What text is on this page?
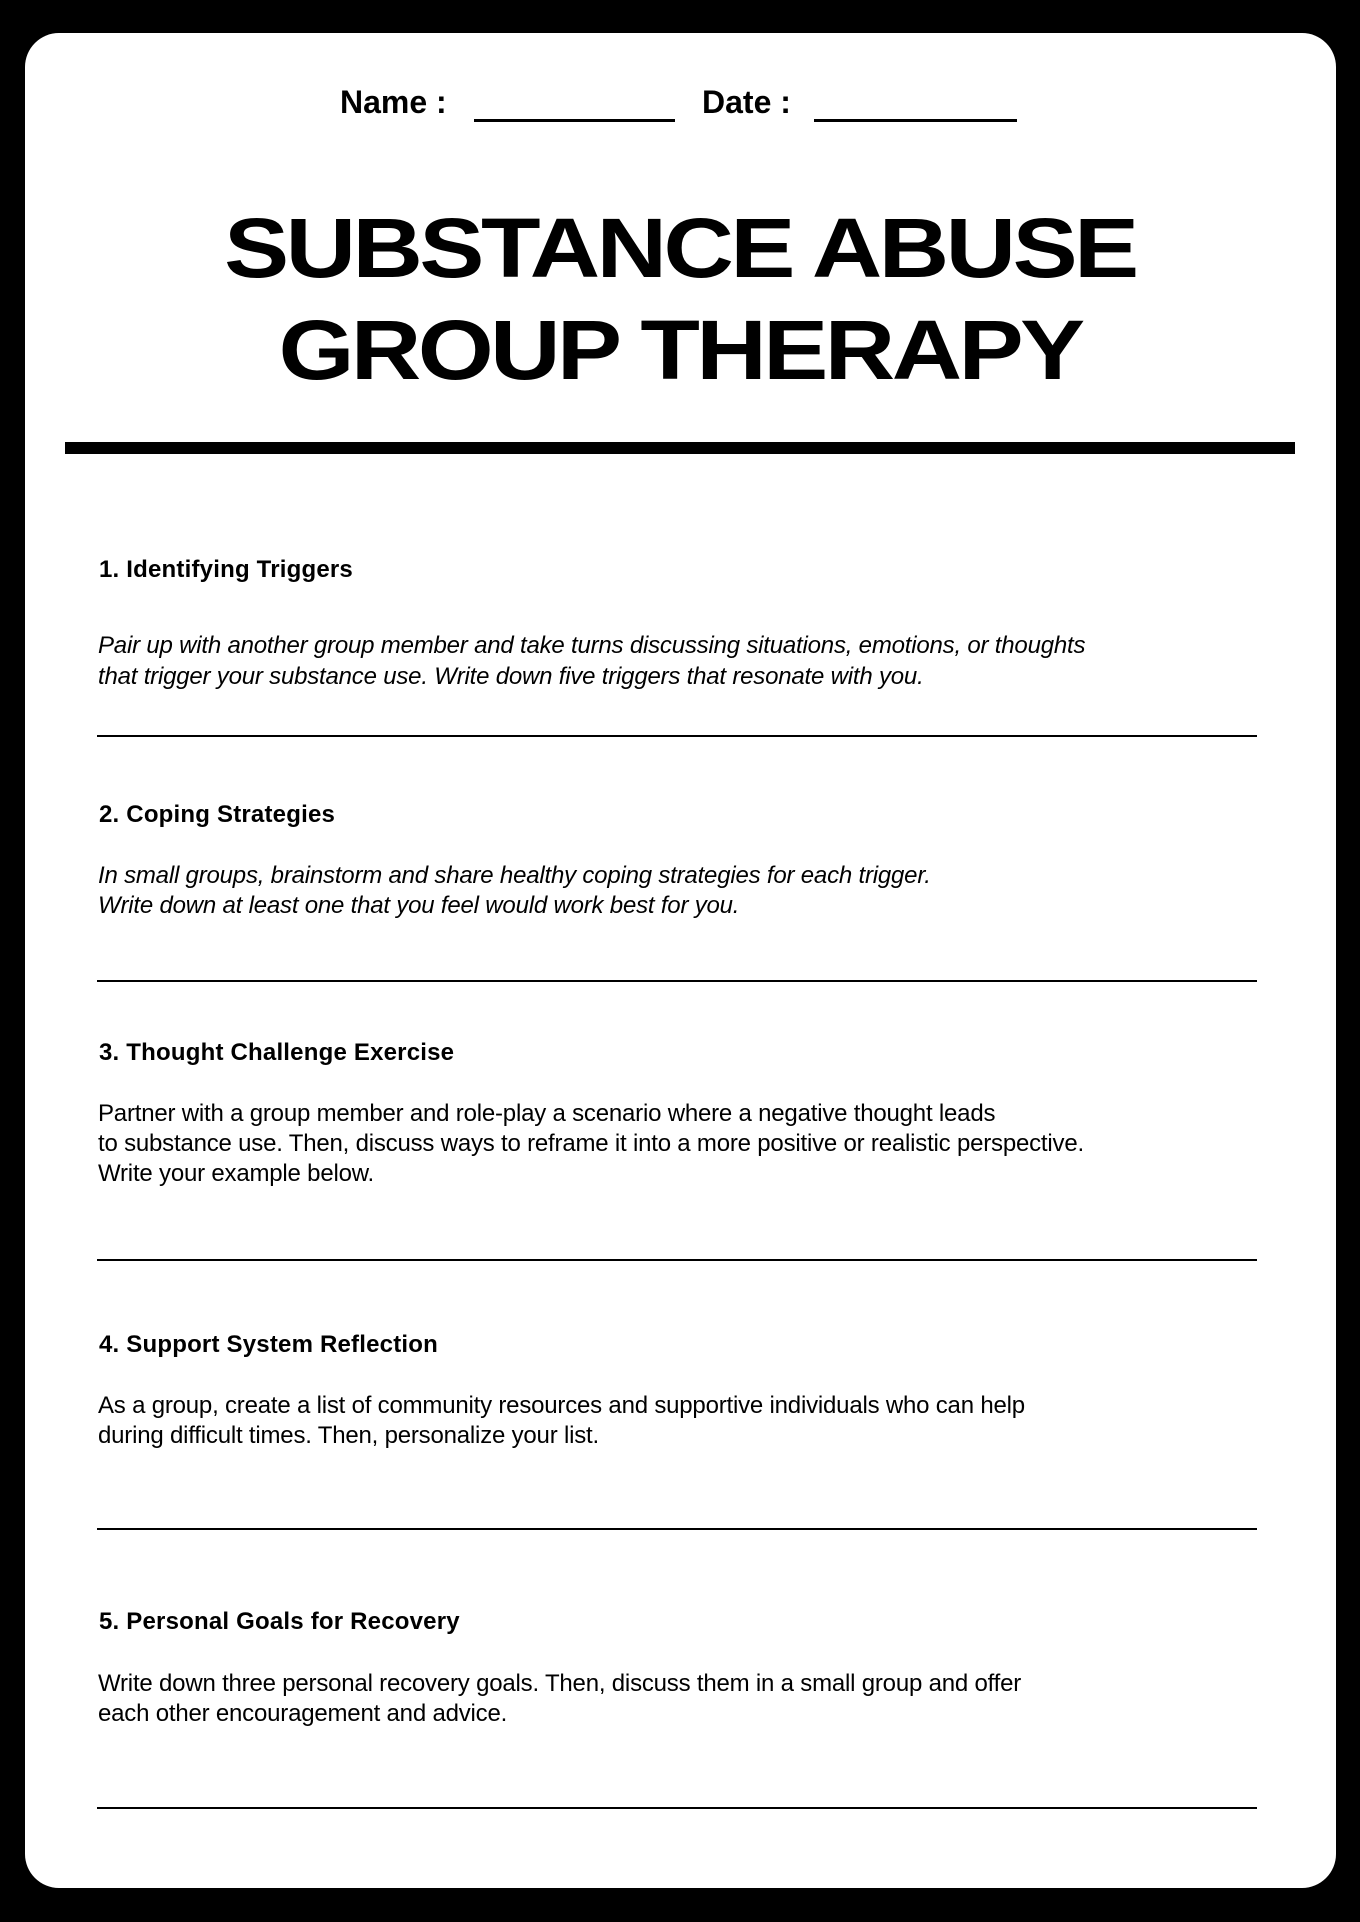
Name :	Date :
SUBSTANCE ABUSE
GROUP THERAPY
1. Identifying Triggers
Pair up with another group member and take turns discussing situations, emotions, or thoughts
that trigger your substance use. Write down five triggers that resonate with you.
2. Coping Strategies
In small groups, brainstorm and share healthy coping strategies for each trigger.
Write down at least one that you feel would work best for you.
3. Thought Challenge Exercise
Partner with a group member and role-play a scenario where a negative thought leads
to substance use. Then, discuss ways to reframe it into a more positive or realistic perspective.
Write your example below.
4. Support System Reflection
As a group, create a list of community resources and supportive individuals who can help
during difficult times. Then, personalize your list.
5. Personal Goals for Recovery
Write down three personal recovery goals. Then, discuss them in a small group and offer
each other encouragement and advice.
